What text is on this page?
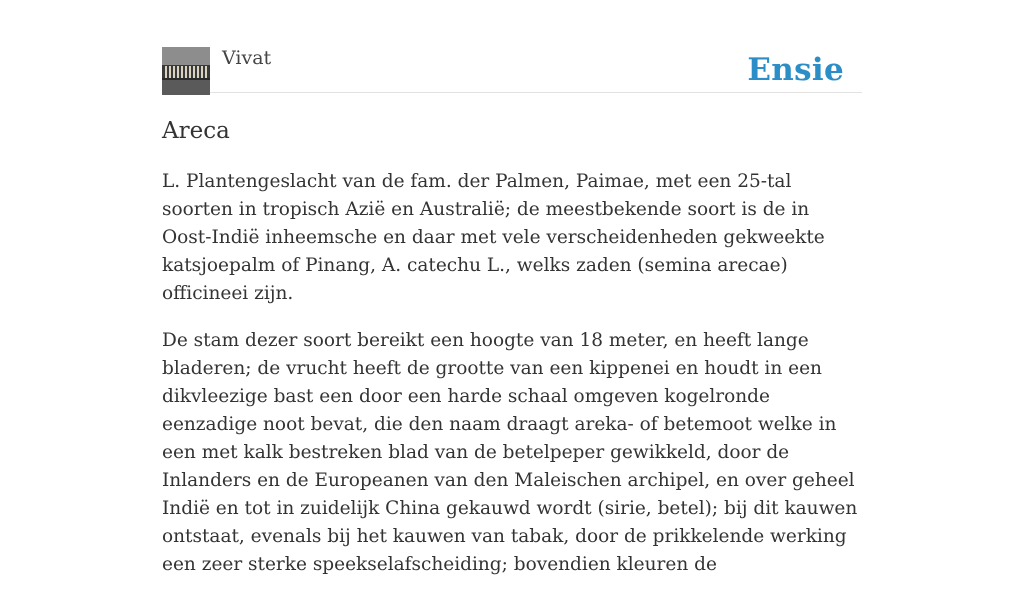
Vivat	Ensie
Areca

L. Plantengeslacht van de fam. der Palmen, Paimae, met een 25-tal soorten in tropisch Azië en Australië; de meestbekende soort is de in Oost-Indië inheemsche en daar met vele verscheidenheden gekweekte katsjoepalm of Pinang, A. catechu L., welks zaden (semina arecae) officineei zijn.

De stam dezer soort bereikt een hoogte van 18 meter, en heeft lange bladeren; de vrucht heeft de grootte van een kippenei en houdt in een dikvleezige bast een door een harde schaal omgeven kogelronde eenzadige noot bevat, die den naam draagt areka- of betemoot welke in een met kalk bestreken blad van de betelpeper gewikkeld, door de Inlanders en de Europeanen van den Maleischen archipel, en over geheel Indië en tot in zuidelijk China gekauwd wordt (sirie, betel); bij dit kauwen ontstaat, evenals bij het kauwen van tabak, door de prikkelende werking een zeer sterke speekselafscheiding; bovendien kleuren de
